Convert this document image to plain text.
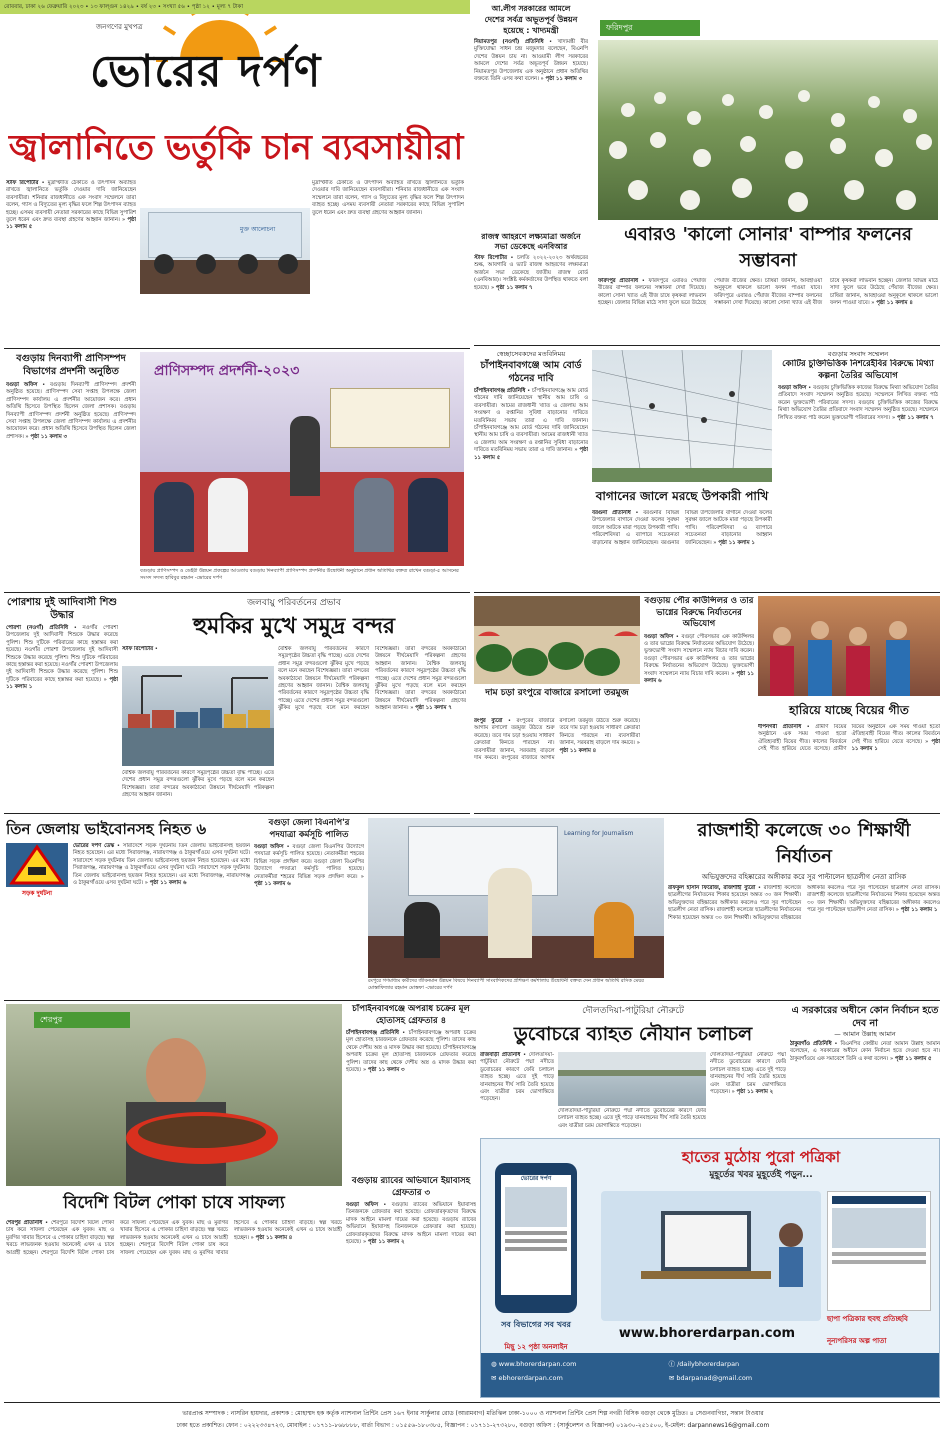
রোববার, ঢাকা ২৬ ফেব্রুয়ারি ২০২৩ • ১৩ ফাল্গুন ১৪২৯ • বর্ষ ২৩ • সংখ্যা ৫৬ • পৃষ্ঠা ১২ • মূল্য ৭ টাকা
জনগণের মুখপত্র
ভোরের দর্পণ
জ্বালানিতে ভর্তুকি চান ব্যবসায়ীরা
স্টাফ রিপোর্টার • মুদ্রাস্ফীতি ঠেকাতে ও উৎপাদন অব্যাহত রাখতে জ্বালানিতে ভর্তুকি দেওয়ার দাবি জানিয়েছেন ব্যবসায়ীরা। শনিবার রাজধানীতে এক সংবাদ সম্মেলনে তারা বলেন, গ্যাস ও বিদ্যুতের মূল্য বৃদ্ধির ফলে শিল্প উৎপাদন ব্যাহত হচ্ছে। এসময় ব্যবসায়ী নেতারা সরকারের কাছে বিভিন্ন সুপারিশ তুলে ধরেন এবং দ্রুত ব্যবস্থা গ্রহণের আহ্বান জানান। » পৃষ্ঠা ১১ কলাম ৫	মুক্ত আলোচনা
মুদ্রাস্ফীতি ঠেকাতে ও উৎপাদন অব্যাহত রাখতে জ্বালানিতে ভর্তুকি দেওয়ার দাবি জানিয়েছেন ব্যবসায়ীরা। শনিবার রাজধানীতে এক সংবাদ সম্মেলনে তারা বলেন, গ্যাস ও বিদ্যুতের মূল্য বৃদ্ধির ফলে শিল্প উৎপাদন ব্যাহত হচ্ছে। এসময় ব্যবসায়ী নেতারা সরকারের কাছে বিভিন্ন সুপারিশ তুলে ধরেন এবং দ্রুত ব্যবস্থা গ্রহণের আহ্বান জানান।
আ.লীগ সরকারের আমলে
দেশের সর্বত্র অভূতপূর্ব উন্নয়ন হয়েছে : খাদ্যমন্ত্রী
নিয়ামতপুর (নওগাঁ) প্রতিনিধি • খাদ্যমন্ত্রী বীর মুক্তিযোদ্ধা সাধন চন্দ্র মজুমদার বলেছেন, বিএনপি দেশের উন্নয়ন চায় না। আওয়ামী লীগ সরকারের আমলে দেশের সর্বত্র অভূতপূর্ব উন্নয়ন হয়েছে। নিয়ামতপুর উপজেলায় এক অনুষ্ঠানে প্রধান অতিথির বক্তব্যে তিনি এসব কথা বলেন। » পৃষ্ঠা ১১ কলাম ৩
ফরিদপুর
এবারও 'কালো সোনার' বাম্পার ফলনের সম্ভাবনা
ফরিদপুর প্রতিনিধি • ফরিদপুরে এবারও পেঁয়াজ বীজের বাম্পার ফলনের সম্ভাবনা দেখা দিয়েছে। কালো সোনা খ্যাত এই বীজ চাষে কৃষকরা লাভবান হচ্ছেন। জেলার বিভিন্ন মাঠে সাদা ফুলে ভরে উঠেছে পেঁয়াজ বীজের ক্ষেত। চাষিরা জানান, আবহাওয়া অনুকূলে থাকলে ভালো ফলন পাওয়া যাবে। ফরিদপুরে এবারও পেঁয়াজ বীজের বাম্পার ফলনের সম্ভাবনা দেখা দিয়েছে। কালো সোনা খ্যাত এই বীজ চাষে কৃষকরা লাভবান হচ্ছেন। জেলার বিভিন্ন মাঠে সাদা ফুলে ভরে উঠেছে পেঁয়াজ বীজের ক্ষেত। চাষিরা জানান, আবহাওয়া অনুকূলে থাকলে ভালো ফলন পাওয়া যাবে। » পৃষ্ঠা ১১ কলাম ৪
রাজস্ব আহরণে লক্ষ্যমাত্রা অর্জনে সভা ডেকেছে এনবিআর
স্টাফ রিপোর্টার • চলতি ২০২২-২০২৩ অর্থবছরের শুল্ক, আবগারি ও ভ্যাট রাজস্ব আহরণের লক্ষ্যমাত্রা অর্জনে সভা ডেকেছে জাতীয় রাজস্ব বোর্ড (এনবিআর)। সংশ্লিষ্ট কর্মকর্তাদের উপস্থিত থাকতে বলা হয়েছে। » পৃষ্ঠা ১১ কলাম ৭
বগুড়ায় দিনব্যাপী প্রাণিসম্পদ বিভাগের প্রদর্শনী অনুষ্ঠিত
বগুড়া অফিস • বগুড়ায় দিনব্যাপী প্রাণিসম্পদ প্রদর্শনী অনুষ্ঠিত হয়েছে। প্রাণিসম্পদ সেবা সপ্তাহ উপলক্ষে জেলা প্রাণিসম্পদ কার্যালয় এ প্রদর্শনীর আয়োজন করে। প্রধান অতিথি হিসেবে উপস্থিত ছিলেন জেলা প্রশাসক। বগুড়ায় দিনব্যাপী প্রাণিসম্পদ প্রদর্শনী অনুষ্ঠিত হয়েছে। প্রাণিসম্পদ সেবা সপ্তাহ উপলক্ষে জেলা প্রাণিসম্পদ কার্যালয় এ প্রদর্শনীর আয়োজন করে। প্রধান অতিথি হিসেবে উপস্থিত ছিলেন জেলা প্রশাসক। » পৃষ্ঠা ১১ কলাম ৩
প্রাণিসম্পদ প্রদর্শনী-২০২৩
বগুড়ায় প্রাণিসম্পদ ও ডেইরী উন্নয়ন প্রকল্পের আওতায় বগুড়ায় দিনব্যাপী প্রাণিসম্পদ প্রদর্শনীর উদ্বোধনী অনুষ্ঠানে প্রধান অতিথির বক্তব্য রাখেন বগুড়া-৫ আসনের সংসদ সদস্য হাবিবুর রহমান -ভোরের দর্পণ
স্বেচ্ছাসেবকদের মতবিনিময়
চাঁপাইনবাবগঞ্জে আম বোর্ড গঠনের দাবি
চাঁপাইনবাবগঞ্জ প্রতিনিধি • চাঁপাইনবাবগঞ্জে আম বোর্ড গঠনের দাবি জানিয়েছেন স্থানীয় আম চাষি ও ব্যবসায়ীরা। আমের রাজধানী খ্যাত এ জেলায় আম সংরক্ষণ ও রপ্তানির সুবিধা বাড়ানোর দাবিতে মতবিনিময় সভায় তারা এ দাবি জানান। চাঁপাইনবাবগঞ্জে আম বোর্ড গঠনের দাবি জানিয়েছেন স্থানীয় আম চাষি ও ব্যবসায়ীরা। আমের রাজধানী খ্যাত এ জেলায় আম সংরক্ষণ ও রপ্তানির সুবিধা বাড়ানোর দাবিতে মতবিনিময় সভায় তারা এ দাবি জানান। » পৃষ্ঠা ১১ কলাম ৫
বাগানের জালে মরছে উপকারী পাখি
বরগুনা প্রতিনিধি • বরগুনার বিভিন্ন উপজেলার বাগানে দেওয়া ফলের সুরক্ষা জালে আটকে মারা পড়ছে উপকারী পাখি। পরিবেশবিদরা এ ব্যাপারে সচেতনতা বাড়ানোর আহ্বান জানিয়েছেন। বরগুনার বিভিন্ন উপজেলার বাগানে দেওয়া ফলের সুরক্ষা জালে আটকে মারা পড়ছে উপকারী পাখি। পরিবেশবিদরা এ ব্যাপারে সচেতনতা বাড়ানোর আহ্বান জানিয়েছেন। » পৃষ্ঠা ১১ কলাম ১
বগুড়ায় সংবাদ সম্মেলন
কোটির চুক্তিভিত্তিক নিশরেইবির বিরুদ্ধে মিথ্যা কল্পনা তৈরির অভিযোগ
বগুড়া অফিস • বগুড়ায় চুক্তিভিত্তিক কাজের বিরুদ্ধে মিথ্যা অভিযোগ তৈরির প্রতিবাদে সংবাদ সম্মেলন অনুষ্ঠিত হয়েছে। সম্মেলনে লিখিত বক্তব্য পাঠ করেন ভুক্তভোগী পরিবারের সদস্য। বগুড়ায় চুক্তিভিত্তিক কাজের বিরুদ্ধে মিথ্যা অভিযোগ তৈরির প্রতিবাদে সংবাদ সম্মেলন অনুষ্ঠিত হয়েছে। সম্মেলনে লিখিত বক্তব্য পাঠ করেন ভুক্তভোগী পরিবারের সদস্য। » পৃষ্ঠা ১১ কলাম ৭
পোরশায় দুই আদিবাসী শিশু উদ্ধার
পোরশা (নওগাঁ) প্রতিনিধি • নওগাঁর পোরশা উপজেলায় দুই আদিবাসী শিশুকে উদ্ধার করেছে পুলিশ। শিশু দুটিকে পরিবারের কাছে হস্তান্তর করা হয়েছে। নওগাঁর পোরশা উপজেলায় দুই আদিবাসী শিশুকে উদ্ধার করেছে পুলিশ। শিশু দুটিকে পরিবারের কাছে হস্তান্তর করা হয়েছে। নওগাঁর পোরশা উপজেলায় দুই আদিবাসী শিশুকে উদ্ধার করেছে পুলিশ। শিশু দুটিকে পরিবারের কাছে হস্তান্তর করা হয়েছে। » পৃষ্ঠা ১১ কলাম ১
জলবায়ু পরিবর্তনের প্রভাব
হুমকির মুখে সমুদ্র বন্দর
স্টাফ রিপোর্টার •	বৈশ্বিক জলবায়ু পরিবর্তনের কারণে সমুদ্রপৃষ্ঠের উচ্চতা বৃদ্ধি পাচ্ছে। এতে দেশের প্রধান সমুদ্র বন্দরগুলো ঝুঁকির মুখে পড়ছে বলে মনে করছেন বিশেষজ্ঞরা। তারা বন্দরের অবকাঠামো উন্নয়নে দীর্ঘমেয়াদি পরিকল্পনা গ্রহণের আহ্বান জানান। বৈশ্বিক জলবায়ু পরিবর্তনের কারণে সমুদ্রপৃষ্ঠের উচ্চতা বৃদ্ধি পাচ্ছে। এতে দেশের প্রধান সমুদ্র বন্দরগুলো ঝুঁকির মুখে পড়ছে বলে মনে করছেন বিশেষজ্ঞরা। তারা বন্দরের অবকাঠামো উন্নয়নে দীর্ঘমেয়াদি পরিকল্পনা গ্রহণের আহ্বান জানান। বৈশ্বিক জলবায়ু পরিবর্তনের কারণে সমুদ্রপৃষ্ঠের উচ্চতা বৃদ্ধি পাচ্ছে। এতে দেশের প্রধান সমুদ্র বন্দরগুলো ঝুঁকির মুখে পড়ছে বলে মনে করছেন বিশেষজ্ঞরা। তারা বন্দরের অবকাঠামো উন্নয়নে দীর্ঘমেয়াদি পরিকল্পনা গ্রহণের আহ্বান জানান। » পৃষ্ঠা ১১ কলাম ৭
বৈশ্বিক জলবায়ু পরিবর্তনের কারণে সমুদ্রপৃষ্ঠের উচ্চতা বৃদ্ধি পাচ্ছে। এতে দেশের প্রধান সমুদ্র বন্দরগুলো ঝুঁকির মুখে পড়ছে বলে মনে করছেন বিশেষজ্ঞরা। তারা বন্দরের অবকাঠামো উন্নয়নে দীর্ঘমেয়াদি পরিকল্পনা গ্রহণের আহ্বান জানান।
দাম চড়া রংপুরে বাজারে রসালো তরমুজ
রংপুর ব্যুরো • রংপুরের বাজারে আগাম রসালো তরমুজ উঠতে শুরু করেছে। তবে দাম চড়া হওয়ায় সাধারণ ক্রেতারা কিনতে পারছেন না। ব্যবসায়ীরা জানান, সরবরাহ বাড়লে দাম কমবে। রংপুরের বাজারে আগাম রসালো তরমুজ উঠতে শুরু করেছে। তবে দাম চড়া হওয়ায় সাধারণ ক্রেতারা কিনতে পারছেন না। ব্যবসায়ীরা জানান, সরবরাহ বাড়লে দাম কমবে। » পৃষ্ঠা ১১ কলাম ৪
বগুড়ায় পৌর কাউন্সিলর ও তার ভাগ্নের বিরুদ্ধে নির্যাতনের অভিযোগ
বগুড়া অফিস • বগুড়া পৌরসভার এক কাউন্সিলর ও তার ভাগ্নের বিরুদ্ধে নির্যাতনের অভিযোগ উঠেছে। ভুক্তভোগী সংবাদ সম্মেলনে ন্যায় বিচার দাবি করেন। বগুড়া পৌরসভার এক কাউন্সিলর ও তার ভাগ্নের বিরুদ্ধে নির্যাতনের অভিযোগ উঠেছে। ভুক্তভোগী সংবাদ সম্মেলনে ন্যায় বিচার দাবি করেন। » পৃষ্ঠা ১১ কলাম ৬
হারিয়ে যাচ্ছে বিয়ের গীত
দীপনগরী প্রতিনিধি • গ্রামীণ বিয়ের অনুষ্ঠানে এক সময় গাওয়া হতো ঐতিহ্যবাহী বিয়ের গীত। কালের বিবর্তনে সেই গীত হারিয়ে যেতে বসেছে। গ্রামীণ বিয়ের অনুষ্ঠানে এক সময় গাওয়া হতো ঐতিহ্যবাহী বিয়ের গীত। কালের বিবর্তনে সেই গীত হারিয়ে যেতে বসেছে। » পৃষ্ঠা ১১ কলাম ১
তিন জেলায় ভাইবোনসহ নিহত ৬
সড়ক দুর্ঘটনা
ভোরের দর্পণ ডেস্ক • সারাদেশে সড়ক দুর্ঘটনায় তিন জেলায় ভাইবোনসহ ছয়জন নিহত হয়েছেন। এর মধ্যে সিরাজগঞ্জ, নারায়ণগঞ্জ ও ঠাকুরগাঁওয়ে এসব দুর্ঘটনা ঘটে। সারাদেশে সড়ক দুর্ঘটনায় তিন জেলায় ভাইবোনসহ ছয়জন নিহত হয়েছেন। এর মধ্যে সিরাজগঞ্জ, নারায়ণগঞ্জ ও ঠাকুরগাঁওয়ে এসব দুর্ঘটনা ঘটে। সারাদেশে সড়ক দুর্ঘটনায় তিন জেলায় ভাইবোনসহ ছয়জন নিহত হয়েছেন। এর মধ্যে সিরাজগঞ্জ, নারায়ণগঞ্জ ও ঠাকুরগাঁওয়ে এসব দুর্ঘটনা ঘটে। » পৃষ্ঠা ১১ কলাম ৬
বগুড়া জেলা বিএনপি'র পদযাত্রা কর্মসূচি পালিত
বগুড়া অফিস • বগুড়া জেলা বিএনপির উদ্যোগে পদযাত্রা কর্মসূচি পালিত হয়েছে। নেতাকর্মীরা শহরের বিভিন্ন সড়ক প্রদক্ষিণ করে। বগুড়া জেলা বিএনপির উদ্যোগে পদযাত্রা কর্মসূচি পালিত হয়েছে। নেতাকর্মীরা শহরের বিভিন্ন সড়ক প্রদক্ষিণ করে। » পৃষ্ঠা ১১ কলাম ৬
Learning for Journalism
রংপুরে গণমাধ্যম কর্মীদের জীবনমান উন্নয়ন বিষয়ে দিনব্যাপী সাংবাদিকদের প্রশিক্ষণ কর্মশালায় উদ্বোধনী বক্তব্য দেন প্রধান অতিথি রসিক মেয়র মোস্তাফিজার রহমান মোস্তফা -ভোরের দর্পণ
রাজশাহী কলেজে ৩০ শিক্ষার্থী নির্যাতন
অভিযুক্তদের বহিষ্কারের অঙ্গীকার করে সুর পাল্টালেন ছাত্রলীগ নেতা রাসিক
রফিকুল হাসান ফিরোজ, রাজশাহী ব্যুরো • রাজশাহী কলেজে ছাত্রলীগের নির্যাতনের শিকার হয়েছেন অন্তত ৩০ জন শিক্ষার্থী। অভিযুক্তদের বহিষ্কারের অঙ্গীকার করলেও পরে সুর পাল্টেছেন ছাত্রলীগ নেতা রাসিক। রাজশাহী কলেজে ছাত্রলীগের নির্যাতনের শিকার হয়েছেন অন্তত ৩০ জন শিক্ষার্থী। অভিযুক্তদের বহিষ্কারের অঙ্গীকার করলেও পরে সুর পাল্টেছেন ছাত্রলীগ নেতা রাসিক। রাজশাহী কলেজে ছাত্রলীগের নির্যাতনের শিকার হয়েছেন অন্তত ৩০ জন শিক্ষার্থী। অভিযুক্তদের বহিষ্কারের অঙ্গীকার করলেও পরে সুর পাল্টেছেন ছাত্রলীগ নেতা রাসিক। » পৃষ্ঠা ১১ কলাম ১
শেরপুর
বিদেশি বিটল পোকা চাষে সাফল্য
শেরপুর প্রতিনিধি • শেরপুরে বিদেশি বিটল পোকা চাষ করে সাফল্য পেয়েছেন এক যুবক। মাছ ও মুরগির খাবার হিসেবে এ পোকার চাহিদা বাড়ছে। স্বল্প খরচে লাভজনক হওয়ায় অনেকেই এখন এ চাষে আগ্রহী হচ্ছেন। শেরপুরে বিদেশি বিটল পোকা চাষ করে সাফল্য পেয়েছেন এক যুবক। মাছ ও মুরগির খাবার হিসেবে এ পোকার চাহিদা বাড়ছে। স্বল্প খরচে লাভজনক হওয়ায় অনেকেই এখন এ চাষে আগ্রহী হচ্ছেন। শেরপুরে বিদেশি বিটল পোকা চাষ করে সাফল্য পেয়েছেন এক যুবক। মাছ ও মুরগির খাবার হিসেবে এ পোকার চাহিদা বাড়ছে। স্বল্প খরচে লাভজনক হওয়ায় অনেকেই এখন এ চাষে আগ্রহী হচ্ছেন। » পৃষ্ঠা ১১ কলাম ৪
চাঁপাইনবাবগঞ্জে অপরাধ চক্রের মূল হোতাসহ গ্রেফতার ৪
চাঁপাইনবাবগঞ্জ প্রতিনিধি • চাঁপাইনবাবগঞ্জে অপরাধ চক্রের মূল হোতাসহ চারজনকে গ্রেফতার করেছে পুলিশ। তাদের কাছ থেকে দেশীয় অস্ত্র ও মাদক উদ্ধার করা হয়েছে। চাঁপাইনবাবগঞ্জে অপরাধ চক্রের মূল হোতাসহ চারজনকে গ্রেফতার করেছে পুলিশ। তাদের কাছ থেকে দেশীয় অস্ত্র ও মাদক উদ্ধার করা হয়েছে। » পৃষ্ঠা ১১ কলাম ৩
বগুড়ায় র‌্যাবের অভিযানে ইয়াবাসহ গ্রেফতার ৩
বগুড়া অফিস • বগুড়ায় র‌্যাবের অভিযানে ইয়াবাসহ তিনজনকে গ্রেফতার করা হয়েছে। গ্রেফতারকৃতদের বিরুদ্ধে মাদক আইনে মামলা দায়ের করা হয়েছে। বগুড়ায় র‌্যাবের অভিযানে ইয়াবাসহ তিনজনকে গ্রেফতার করা হয়েছে। গ্রেফতারকৃতদের বিরুদ্ধে মাদক আইনে মামলা দায়ের করা হয়েছে। » পৃষ্ঠা ১১ কলাম ২
দৌলতদিয়া-পাটুরিয়া নৌরুটে
ডুবোচরে ব্যাহত নৌযান চলাচল
রাজবাড়ী প্রতিনিধি • দৌলতদিয়া-পাটুরিয়া নৌরুটে পদ্মা নদীতে ডুবোচরের কারণে ফেরি চলাচল ব্যাহত হচ্ছে। এতে দুই পাড়ে যানবাহনের দীর্ঘ সারি তৈরি হয়েছে এবং যাত্রীরা চরম ভোগান্তিতে পড়েছেন।
দৌলতদিয়া-পাটুরিয়া নৌরুটে পদ্মা নদীতে ডুবোচরের কারণে ফেরি চলাচল ব্যাহত হচ্ছে। এতে দুই পাড়ে যানবাহনের দীর্ঘ সারি তৈরি হয়েছে এবং যাত্রীরা চরম ভোগান্তিতে পড়েছেন।
দৌলতদিয়া-পাটুরিয়া নৌরুটে পদ্মা নদীতে ডুবোচরের কারণে ফেরি চলাচল ব্যাহত হচ্ছে। এতে দুই পাড়ে যানবাহনের দীর্ঘ সারি তৈরি হয়েছে এবং যাত্রীরা চরম ভোগান্তিতে পড়েছেন। » পৃষ্ঠা ১১ কলাম ২
এ সরকারের অধীনে কোন নির্বাচন হতে দেব না
— আমান উল্লাহ আমান
ঠাকুরগাঁও প্রতিনিধি • বিএনপির কেন্দ্রীয় নেতা আমান উল্লাহ আমান বলেছেন, এ সরকারের অধীনে কোন নির্বাচন হতে দেওয়া হবে না। ঠাকুরগাঁওয়ে এক সমাবেশে তিনি এ কথা বলেন। » পৃষ্ঠা ১১ কলাম ৫
হাতের মুঠোয় পুরো পত্রিকা
মুহূর্তের খবর মুহূর্তেই পড়ুন...
ভোরের দর্পণ
সব বিভাগের সব খবর
মিছু ১২ পৃষ্ঠা অনলাইন
ছাপা পত্রিকার হুবহু প্রতিচ্ছবি
নূন্যপরিসর অল্প পাতা
www.bhorerdarpan.com
◍ www.bhorerdarpan.com	ⓕ /dailybhorerdarpan
✉ ebhorerdarpan.com	✉ bdarpanad@gmail.com
ভারপ্রাপ্ত সম্পাদক : নাসরিন হায়দার, প্রকাশক : মোহাম্মদ হক কর্তৃক ন্যাশনাল প্রিন্টিং প্রেস ১৬৭ ইনার সার্কুলার রোড (আরামবাগ) মতিঝিল ঢাকা-১০০০ ও ন্যাশনাল প্রিন্টিং প্রেস শিল্প নগরী বিসিক বগুড়া থেকে মুদ্রিত। ৪ সেগুনবাগিচা, সন্তান টাওয়ার
ঢাকা হতে প্রকাশিত। ফোন : ০২২২৩৩৪৭২৩, মোবাইল : ০১৭১১-৮৬৮৮৮৮, বার্তা বিভাগ : ০১৫৫৬-১৮০৩৮৫, বিজ্ঞাপন : ০১৭১১-২৭৩২৮০, বগুড়া অফিস : (সার্কুলেশন ও বিজ্ঞাপন) ০১৯৩০-২৫১৫০০, ই-মেইল: darpannews16@gmail.com
